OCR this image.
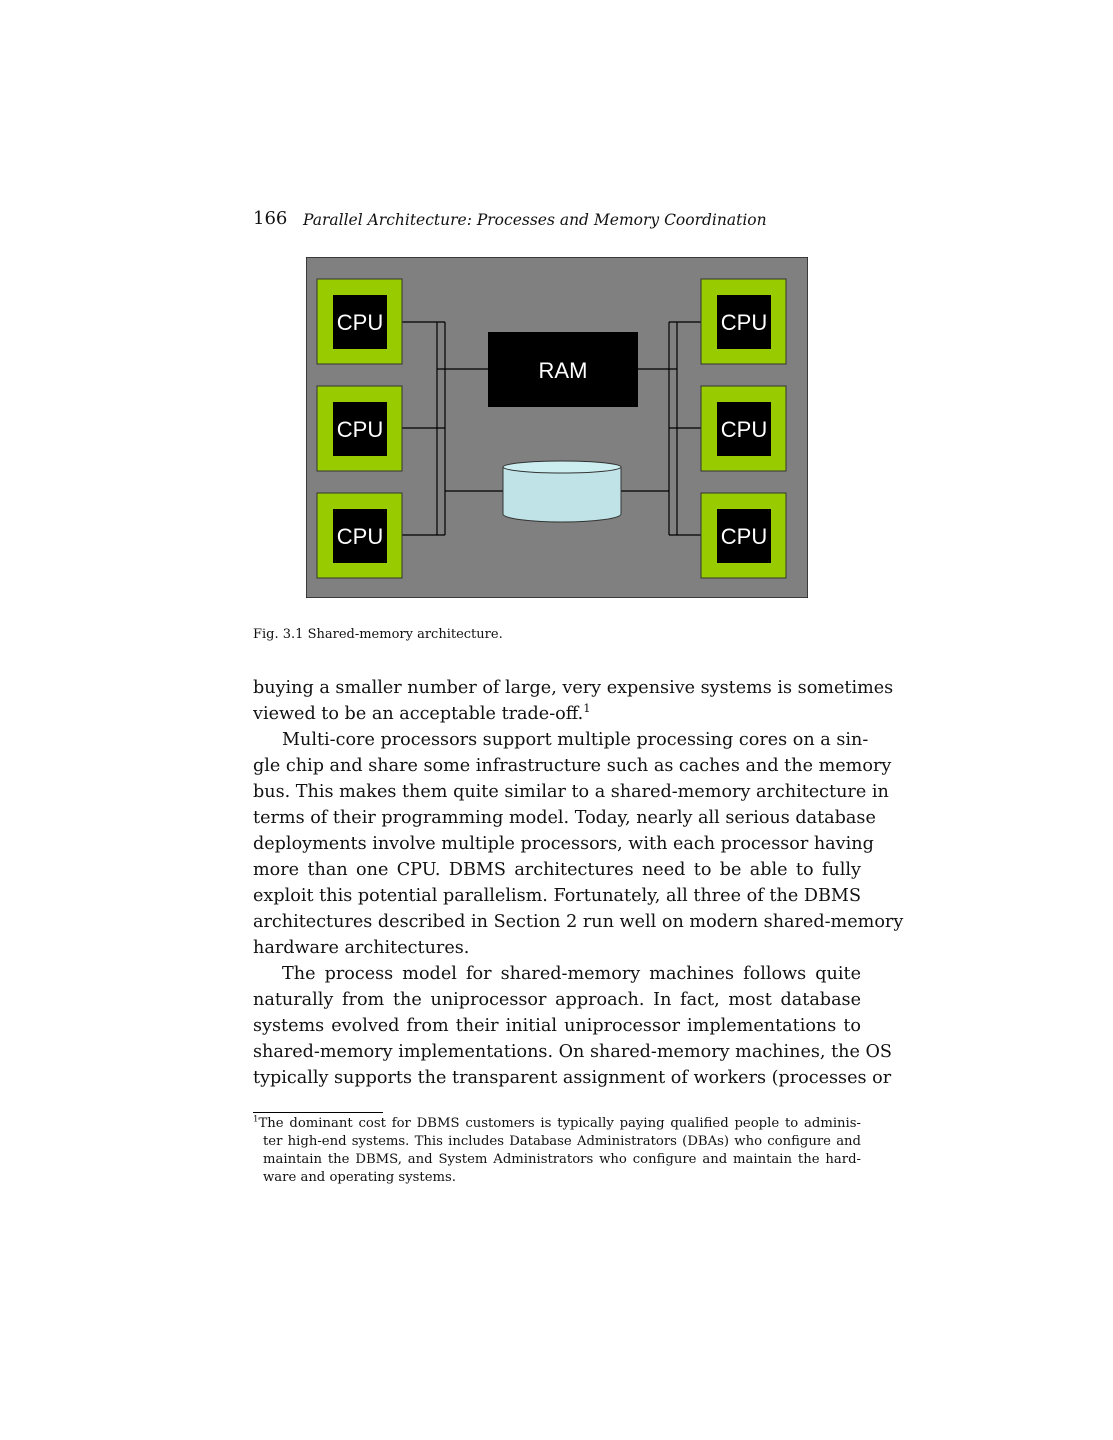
166 Parallel Architecture: Processes and Memory Coordination
CPU
CPU
CPU
CPU
CPU
CPU
RAM
Fig. 3.1 Shared-memory architecture.
buying a smaller number of large, very expensive systems is sometimes
viewed to be an acceptable trade-off.$^1$
Multi-core processors support multiple processing cores on a sin-
gle chip and share some infrastructure such as caches and the memory
bus. This makes them quite similar to a shared-memory architecture in
terms of their programming model. Today, nearly all serious database
deployments involve multiple processors, with each processor having
more than one CPU. DBMS architectures need to be able to fully
exploit this potential parallelism. Fortunately, all three of the DBMS
architectures described in Section 2 run well on modern shared-memory
hardware architectures.
The process model for shared-memory machines follows quite
naturally from the uniprocessor approach. In fact, most database
systems evolved from their initial uniprocessor implementations to
shared-memory implementations. On shared-memory machines, the OS
typically supports the transparent assignment of workers (processes or
$^1$The dominant cost for DBMS customers is typically paying qualified people to adminis-
ter high-end systems. This includes Database Administrators (DBAs) who configure and
maintain the DBMS, and System Administrators who configure and maintain the hard-
ware and operating systems.
